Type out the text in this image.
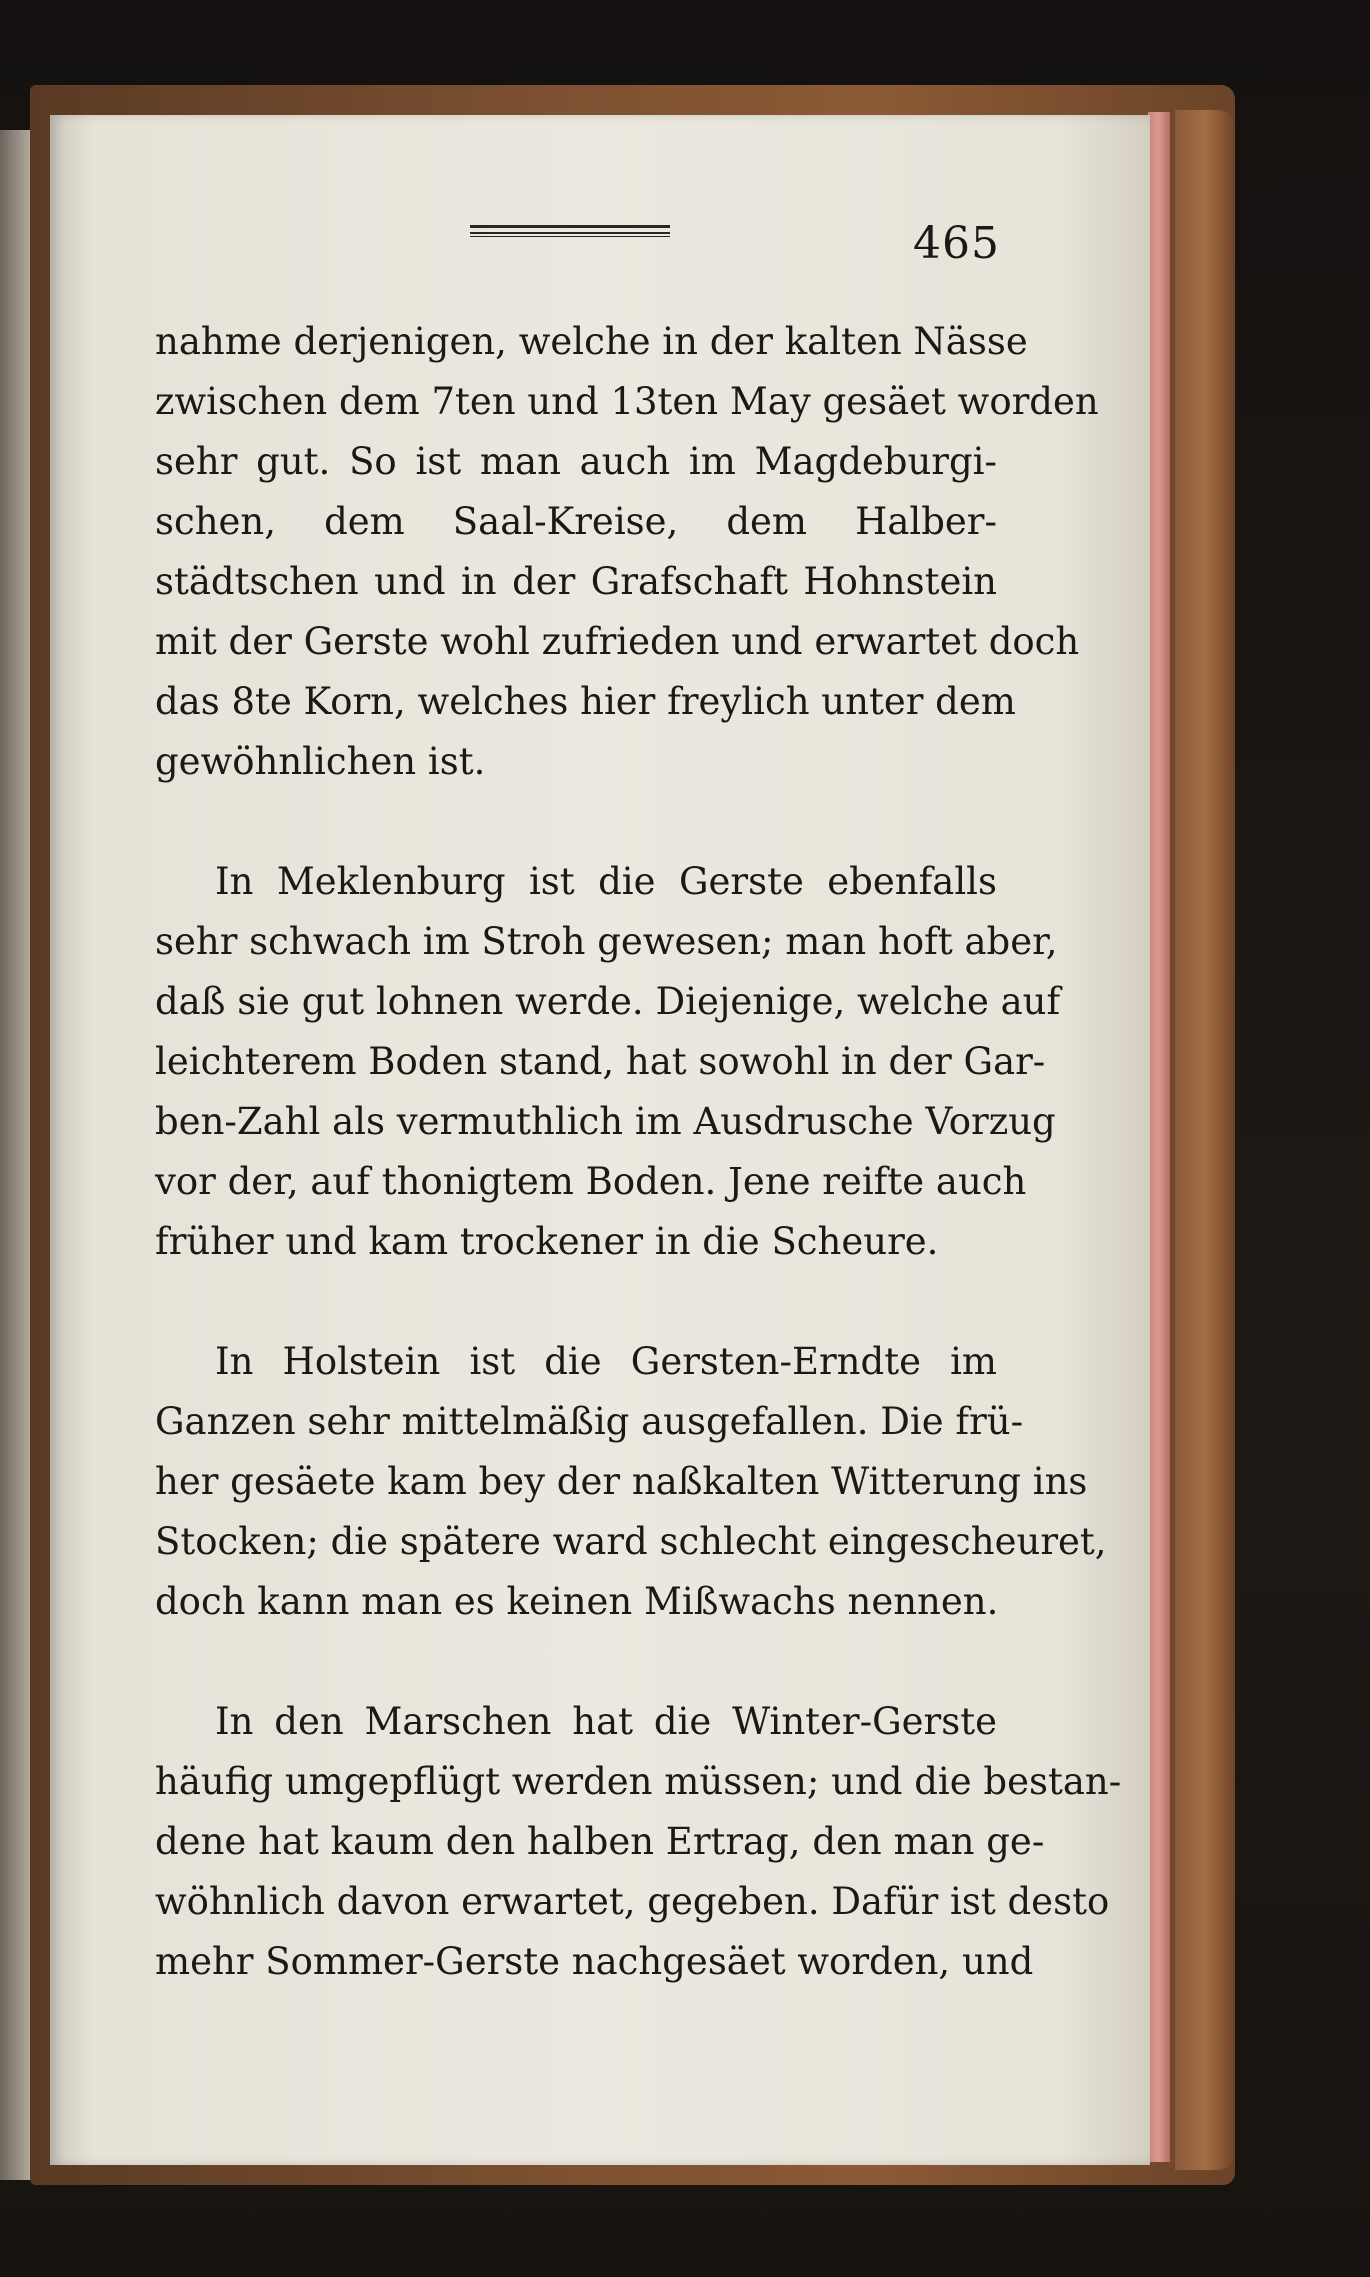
465
nahme derjenigen, welche in der kalten Nässe
zwischen dem 7ten und 13ten May gesäet worden
sehr gut. So ist man auch im Magdeburgi-
schen, dem Saal-Kreise, dem Halber-
städtschen und in der Grafschaft Hohnstein
mit der Gerste wohl zufrieden und erwartet doch
das 8te Korn, welches hier freylich unter dem
gewöhnlichen ist.
In Meklenburg ist die Gerste ebenfalls
sehr schwach im Stroh gewesen; man hoft aber,
daß sie gut lohnen werde. Diejenige, welche auf
leichterem Boden stand, hat sowohl in der Gar-
ben-Zahl als vermuthlich im Ausdrusche Vorzug
vor der, auf thonigtem Boden. Jene reifte auch
früher und kam trockener in die Scheure.
In Holstein ist die Gersten-Erndte im
Ganzen sehr mittelmäßig ausgefallen. Die frü-
her gesäete kam bey der naßkalten Witterung ins
Stocken; die spätere ward schlecht eingescheuret,
doch kann man es keinen Mißwachs nennen.
In den Marschen hat die Winter-Gerste
häufig umgepflügt werden müssen; und die bestan-
dene hat kaum den halben Ertrag, den man ge-
wöhnlich davon erwartet, gegeben. Dafür ist desto
mehr Sommer-Gerste nachgesäet worden, und
